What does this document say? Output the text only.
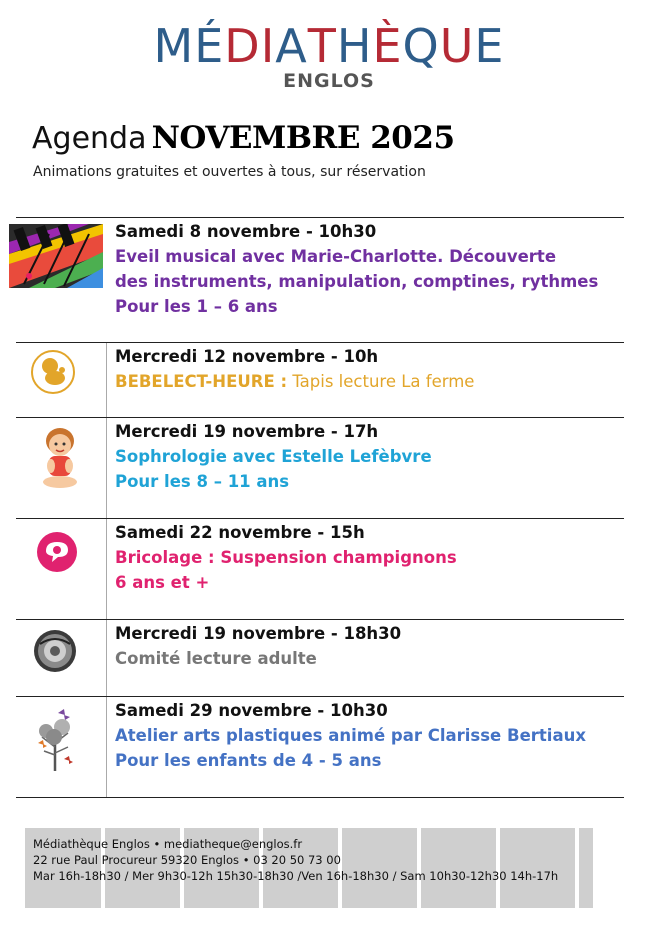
MÉDIATHÈQUE
ENGLOS
Agenda NOVEMBRE 2025
Animations gratuites et ouvertes à tous, sur réservation
Samedi 8 novembre - 10h30
Eveil musical avec Marie-Charlotte. Découverte
des instruments, manipulation, comptines, rythmes
Pour les 1 – 6 ans
Mercredi 12 novembre - 10h
BEBELECT-HEURE : Tapis lecture La ferme
Mercredi 19 novembre - 17h
Sophrologie avec Estelle Lefèbvre
Pour les 8 – 11 ans
Samedi 22 novembre - 15h
Bricolage : Suspension champignons
6 ans et +
Mercredi 19 novembre - 18h30
Comité lecture adulte
Samedi 29 novembre - 10h30
Atelier arts plastiques animé par Clarisse Bertiaux
Pour les enfants de 4 - 5 ans
Médiathèque Englos • mediatheque@englos.fr
22 rue Paul Procureur 59320 Englos • 03 20 50 73 00
Mar 16h-18h30 / Mer 9h30-12h 15h30-18h30 /Ven 16h-18h30 / Sam 10h30-12h30 14h-17h
